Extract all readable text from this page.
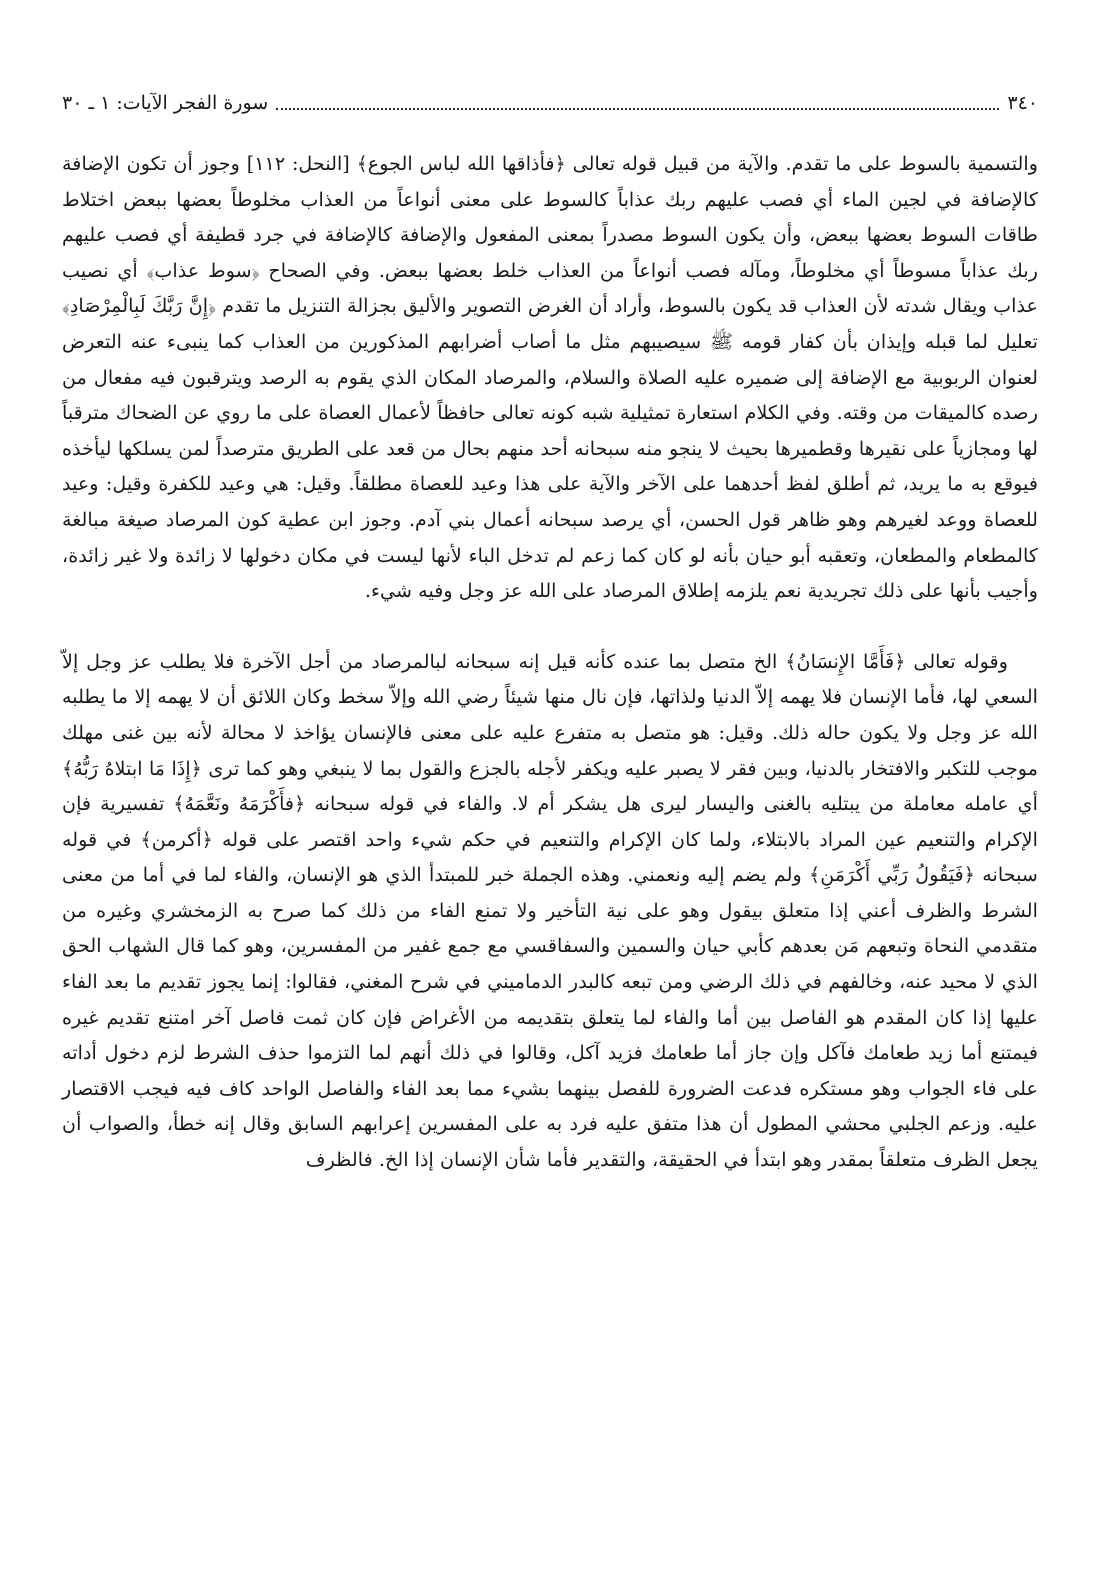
٣٤٠
سورة الفجر الآيات: ١ ـ ٣٠

والتسمية بالسوط على ما تقدم. والآية من قبيل قوله تعالى ﴿فأذاقها الله لباس الجوع﴾ [النحل: ١١٢] وجوز أن تكون الإضافة كالإضافة في لجين الماء أي فصب عليهم ربك عذاباً كالسوط على معنى أنواعاً من العذاب مخلوطاً بعضها ببعض اختلاط طاقات السوط بعضها ببعض، وأن يكون السوط مصدراً بمعنى المفعول والإضافة كالإضافة في جرد قطيفة أي فصب عليهم ربك عذاباً مسوطاً أي مخلوطاً، ومآله فصب أنواعاً من العذاب خلط بعضها ببعض. وفي الصحاح ﴿سوط عذاب﴾ أي نصيب عذاب ويقال شدته لأن العذاب قد يكون بالسوط، وأراد أن الغرض التصوير والأليق بجزالة التنزيل ما تقدم ﴿إِنَّ رَبَّكَ لَبِالْمِرْصَادِ﴾ تعليل لما قبله وإيذان بأن كفار قومه ﷺ سيصيبهم مثل ما أصاب أضرابهم المذكورين من العذاب كما ينبىء عنه التعرض لعنوان الربوبية مع الإضافة إلى ضميره عليه الصلاة والسلام، والمرصاد المكان الذي يقوم به الرصد ويترقبون فيه مفعال من رصده كالميقات من وقته. وفي الكلام استعارة تمثيلية شبه كونه تعالى حافظاً لأعمال العصاة على ما روي عن الضحاك مترقباً لها ومجازياً على نقيرها وقطميرها بحيث لا ينجو منه سبحانه أحد منهم بحال من قعد على الطريق مترصداً لمن يسلكها ليأخذه فيوقع به ما يريد، ثم أطلق لفظ أحدهما على الآخر والآية على هذا وعيد للعصاة مطلقاً. وقيل: هي وعيد للكفرة وقيل: وعيد للعصاة ووعد لغيرهم وهو ظاهر قول الحسن، أي يرصد سبحانه أعمال بني آدم. وجوز ابن عطية كون المرصاد صيغة مبالغة كالمطعام والمطعان، وتعقبه أبو حيان بأنه لو كان كما زعم لم تدخل الباء لأنها ليست في مكان دخولها لا زائدة ولا غير زائدة، وأجيب بأنها على ذلك تجريدية نعم يلزمه إطلاق المرصاد على الله عز وجل وفيه شيء.

وقوله تعالى ﴿فَأَمَّا الإِنسَانُ﴾ الخ متصل بما عنده كأنه قيل إنه سبحانه لبالمرصاد من أجل الآخرة فلا يطلب عز وجل إلاّ السعي لها، فأما الإنسان فلا يهمه إلاّ الدنيا ولذاتها، فإن نال منها شيئاً رضي الله وإلاّ سخط وكان اللائق أن لا يهمه إلا ما يطلبه الله عز وجل ولا يكون حاله ذلك. وقيل: هو متصل به متفرع عليه على معنى فالإنسان يؤاخذ لا محالة لأنه بين غنى مهلك موجب للتكبر والافتخار بالدنيا، وبين فقر لا يصبر عليه ويكفر لأجله بالجزع والقول بما لا ينبغي وهو كما ترى ﴿إِذَا مَا ابتلاهُ رَبُّهُ﴾ أي عامله معاملة من يبتليه بالغنى واليسار ليرى هل يشكر أم لا. والفاء في قوله سبحانه ﴿فأَكْرَمَهُ ونَعَّمَهُ﴾ تفسيرية فإن الإكرام والتنعيم عين المراد بالابتلاء، ولما كان الإكرام والتنعيم في حكم شيء واحد اقتصر على قوله ﴿أكرمن﴾ في قوله سبحانه ﴿فَيَقُولُ رَبِّي أَكْرَمَنِ﴾ ولم يضم إليه ونعمني. وهذه الجملة خبر للمبتدأ الذي هو الإنسان، والفاء لما في أما من معنى الشرط والظرف أعني إذا متعلق بيقول وهو على نية التأخير ولا تمنع الفاء من ذلك كما صرح به الزمخشري وغيره من متقدمي النحاة وتبعهم مَن بعدهم كأبي حيان والسمين والسفاقسي مع جمع غفير من المفسرين، وهو كما قال الشهاب الحق الذي لا محيد عنه، وخالفهم في ذلك الرضي ومن تبعه كالبدر الدماميني في شرح المغني، فقالوا: إنما يجوز تقديم ما بعد الفاء عليها إذا كان المقدم هو الفاصل بين أما والفاء لما يتعلق بتقديمه من الأغراض فإن كان ثمت فاصل آخر امتنع تقديم غيره فيمتنع أما زيد طعامك فآكل وإن جاز أما طعامك فزيد آكل، وقالوا في ذلك أنهم لما التزموا حذف الشرط لزم دخول أداته على فاء الجواب وهو مستكره فدعت الضرورة للفصل بينهما بشيء مما بعد الفاء والفاصل الواحد كاف فيه فيجب الاقتصار عليه. وزعم الجلبي محشي المطول أن هذا متفق عليه فرد به على المفسرين إعرابهم السابق وقال إنه خطأ، والصواب أن يجعل الظرف متعلقاً بمقدر وهو ابتدأ في الحقيقة، والتقدير فأما شأن الإنسان إذا الخ. فالظرف
